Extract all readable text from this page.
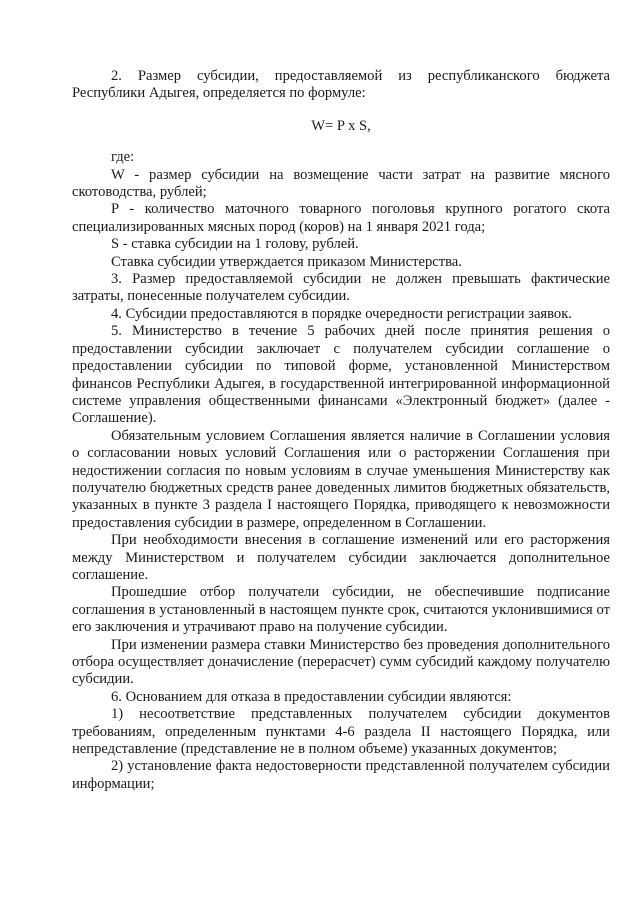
2. Размер субсидии, предоставляемой из республиканского бюджета Республики Адыгея, определяется по формуле:

W= P x S,

где:

W - размер субсидии на возмещение части затрат на развитие мясного скотоводства, рублей;

P - количество маточного товарного поголовья крупного рогатого скота специализированных мясных пород (коров) на 1 января 2021 года;

S - ставка субсидии на 1 голову, рублей.

Ставка субсидии утверждается приказом Министерства.

3. Размер предоставляемой субсидии не должен превышать фактические затраты, понесенные получателем субсидии.

4. Субсидии предоставляются в порядке очередности регистрации заявок.

5. Министерство в течение 5 рабочих дней после принятия решения о предоставлении субсидии заключает с получателем субсидии соглашение о предоставлении субсидии по типовой форме, установленной Министерством финансов Республики Адыгея, в государственной интегрированной информационной системе управления общественными финансами «Электронный бюджет» (далее - Соглашение).

Обязательным условием Соглашения является наличие в Соглашении условия о согласовании новых условий Соглашения или о расторжении Соглашения при недостижении согласия по новым условиям в случае уменьшения Министерству как получателю бюджетных средств ранее доведенных лимитов бюджетных обязательств, указанных в пункте 3 раздела I настоящего Порядка, приводящего к невозможности предоставления субсидии в размере, определенном в Соглашении.

При необходимости внесения в соглашение изменений или его расторжения между Министерством и получателем субсидии заключается дополнительное соглашение.

Прошедшие отбор получатели субсидии, не обеспечившие подписание соглашения в установленный в настоящем пункте срок, считаются уклонившимися от его заключения и утрачивают право на получение субсидии.

При изменении размера ставки Министерство без проведения дополнительного отбора осуществляет доначисление (перерасчет) сумм субсидий каждому получателю субсидии.

6. Основанием для отказа в предоставлении субсидии являются:

1) несоответствие представленных получателем субсидии документов требованиям, определенным пунктами 4-6 раздела II настоящего Порядка, или непредставление (представление не в полном объеме) указанных документов;

2) установление факта недостоверности представленной получателем субсидии информации;
